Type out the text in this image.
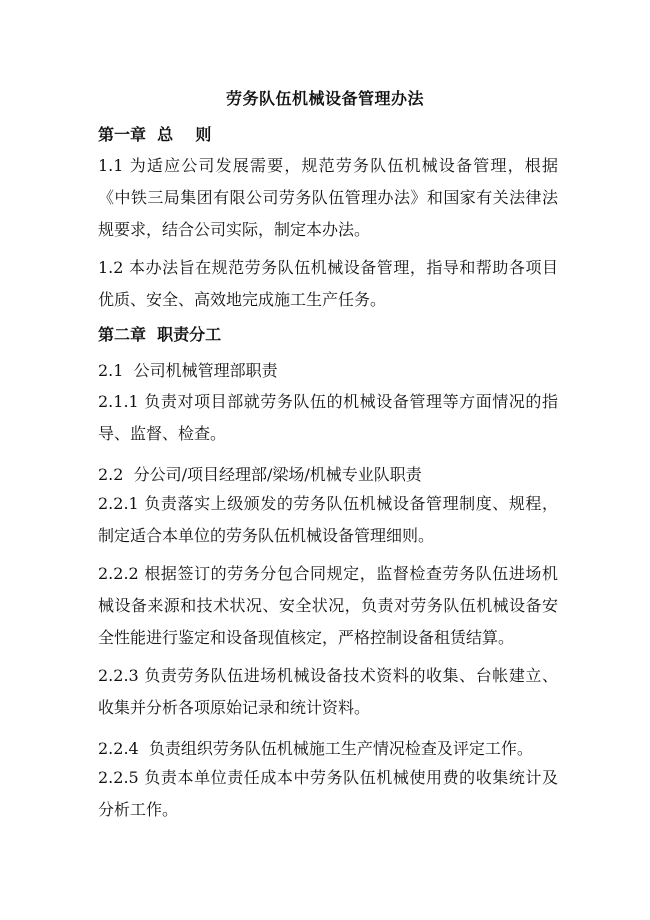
劳务队伍机械设备管理办法
第一章  总    则
1.1 为适应公司发展需要，规范劳务队伍机械设备管理，根据《中铁三局集团有限公司劳务队伍管理办法》和国家有关法律法规要求，结合公司实际，制定本办法。
1.2 本办法旨在规范劳务队伍机械设备管理，指导和帮助各项目优质、安全、高效地完成施工生产任务。
第二章  职责分工
2.1  公司机械管理部职责
2.1.1 负责对项目部就劳务队伍的机械设备管理等方面情况的指导、监督、检查。
2.2  分公司/项目经理部/梁场/机械专业队职责
2.2.1 负责落实上级颁发的劳务队伍机械设备管理制度、规程，制定适合本单位的劳务队伍机械设备管理细则。
2.2.2 根据签订的劳务分包合同规定，监督检查劳务队伍进场机械设备来源和技术状况、安全状况，负责对劳务队伍机械设备安全性能进行鉴定和设备现值核定，严格控制设备租赁结算。
2.2.3 负责劳务队伍进场机械设备技术资料的收集、台帐建立、收集并分析各项原始记录和统计资料。
2.2.4  负责组织劳务队伍机械施工生产情况检查及评定工作。
2.2.5 负责本单位责任成本中劳务队伍机械使用费的收集统计及分析工作。
